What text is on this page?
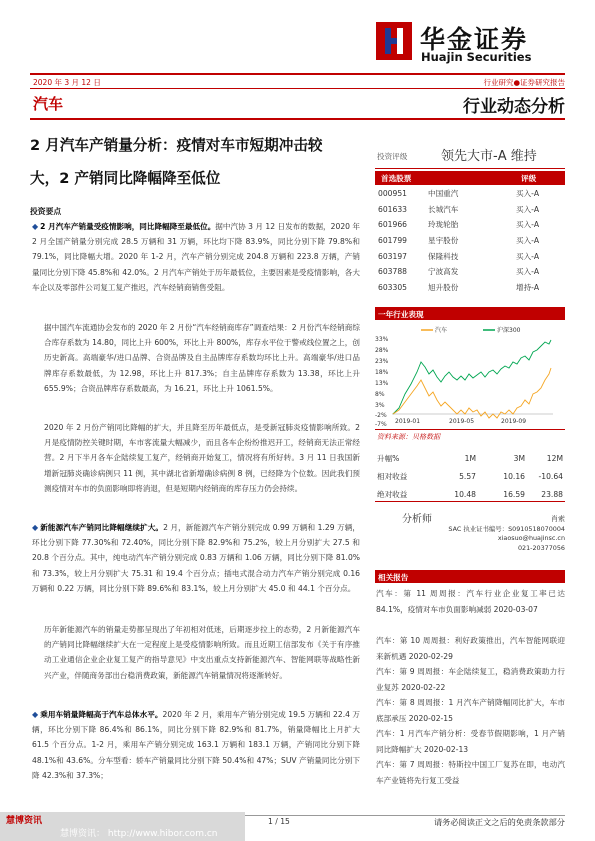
华金证券
Huajin Securities
2020 年 3 月 12 日	行业研究●证券研究报告
汽车	行业动态分析
2 月汽车产销量分析：疫情对车市短期冲击较
大，2 产销同比降幅降至低位
投资评级	领先大市-A 维持
首选股票	评级
000951	中国重汽	买入-A
601633	长城汽车	买入-A
601966	玲珑轮胎	买入-A
601799	星宇股份	买入-A
603197	保隆科技	买入-A
603788	宁波高发	买入-A
603305	旭升股份	增持-A
一年行业表现
33%
28%
23%
18%
13%
8%
3%
-2%
-7%
汽车	沪深300
2019-01	2019-05	2019-09
资料来源：贝格数据
升幅%	1M	3M	12M
相对收益	5.57	10.16	-10.64
绝对收益	10.48	16.59	23.88
分析师	肖索
SAC 执业证书编号：S0910518070004
xiaosuo@huajinsc.cn
021-20377056
相关报告
汽车：第 11 周周报：汽车行业企业复工率已达 84.1%，疫情对车市负面影响减弱 2020-03-07
汽车：第 10 周周报：利好政策推出，汽车智能网联迎来新机遇 2020-02-29
汽车：第 9 周周报：车企陆续复工，稳消费政策助力行业复苏 2020-02-22
汽车：第 8 周周报：1 月汽车产销降幅同比扩大，车市底部承压 2020-02-15
汽车：1 月汽车产销分析：受春节假期影响，1 月产销同比降幅扩大 2020-02-13
汽车：第 7 周周报：特斯拉中国工厂复苏在即，电动汽车产业链将先行复工受益
投资要点
◆ 2 月汽车产销量受疫情影响，同比降幅降至最低位。据中汽协 3 月 12 日发布的数据，2020 年 2 月全国产销量分别完成 28.5 万辆和 31 万辆，环比均下降 83.9%，同比分别下降 79.8%和 79.1%，同比降幅大增。2020 年 1-2 月，汽车产销分别完成 204.8 万辆和 223.8 万辆，产销量同比分别下降 45.8%和 42.0%。2 月汽车产销处于历年最低位，主要因素是受疫情影响，各大车企以及零部件公司复工复产推迟，汽车经销商销售受阻。
据中国汽车流通协会发布的 2020 年 2 月份“汽车经销商库存”调查结果：2 月份汽车经销商综合库存系数为 14.80，同比上升 600%，环比上升 800%，库存水平位于警戒线位置之上，创历史新高。高端豪华/进口品牌、合资品牌及自主品牌库存系数均环比上升。高端豪华/进口品牌库存系数最低，为 12.98，环比上升 817.3%；自主品牌库存系数为 13.38，环比上升 655.9%；合资品牌库存系数最高，为 16.21，环比上升 1061.5%。
2020 年 2 月份产销同比降幅的扩大，并且降至历年最低点，是受新冠肺炎疫情影响所致。2 月是疫情防控关键时期，车市客流量大幅减少，而且各车企纷纷推迟开工，经销商无法正常经营。2 月下半月各车企陆续复工复产，经销商开始复工，情况将有所好转。3 月 11 日我国新增新冠肺炎确诊病例只 11 例，其中湖北省新增确诊病例 8 例，已经降为个位数。因此我们预测疫情对车市的负面影响即将消退，但是短期内经销商的库存压力仍会持续。
◆ 新能源汽车产销同比降幅继续扩大。2 月，新能源汽车产销分别完成 0.99 万辆和 1.29 万辆，环比分别下降 77.30%和 72.40%，同比分别下降 82.9%和 75.2%，较上月分别扩大 27.5 和 20.8 个百分点。其中，纯电动汽车产销分别完成 0.83 万辆和 1.06 万辆，同比分别下降 81.0%和 73.3%，较上月分别扩大 75.31 和 19.4 个百分点；插电式混合动力汽车产销分别完成 0.16 万辆和 0.22 万辆，同比分别下降 89.6%和 83.1%，较上月分别扩大 45.0 和 44.1 个百分点。
历年新能源汽车的销量走势都呈现出了年初相对低迷，后期逐步拉上的态势，2 月新能源汽车的产销同比降幅继续扩大在一定程度上是受疫情影响所致。而且近期工信部发布《关于有序推动工业通信企业企业复工复产的指导意见》中支出重点支持新能源汽车、智能网联等战略性新兴产业，伴随商务部出台稳消费政策，新能源汽车销量情况将逐渐转好。
◆ 乘用车销量降幅高于汽车总体水平。2020 年 2 月，乘用车产销分别完成 19.5 万辆和 22.4 万辆，环比分别下降 86.4%和 86.1%，同比分别下降 82.9%和 81.7%，销量降幅比上月扩大 61.5 个百分点。1-2 月，乘用车产销分别完成 163.1 万辆和 183.1 万辆，产销同比分别下降 48.1%和 43.6%。分车型看：轿车产销量同比分别下降 50.4%和 47%；SUV 产销量同比分别下降 42.3%和 37.3%；
慧博资讯
慧博资讯： http://www.hibor.com.cn
1 / 15	请务必阅读正文之后的免责条款部分
